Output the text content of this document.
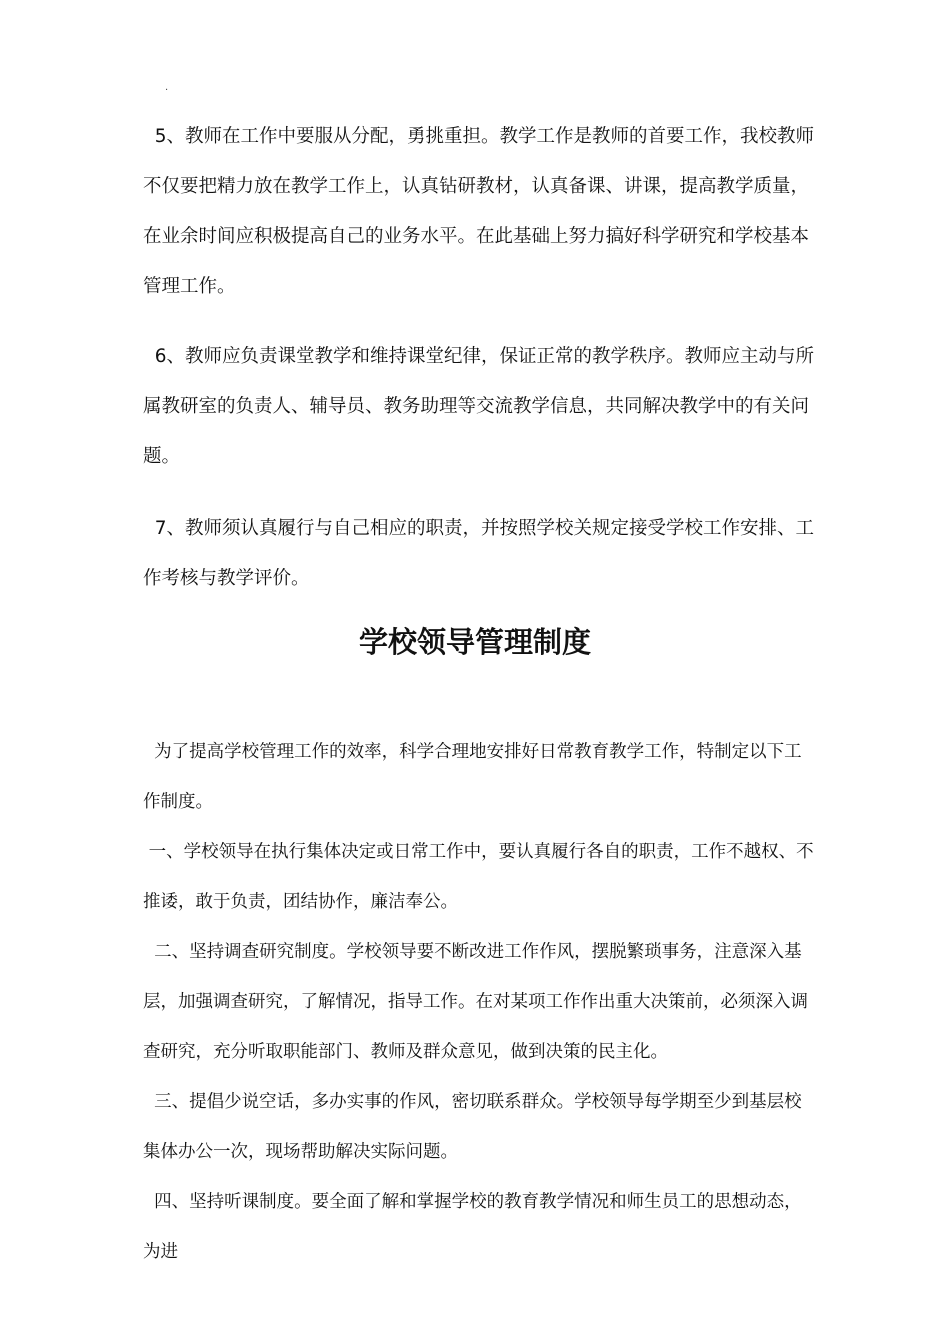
·

5、教师在工作中要服从分配，勇挑重担。教学工作是教师的首要工作，我校教师不仅要把精力放在教学工作上，认真钻研教材，认真备课、讲课，提高教学质量，在业余时间应积极提高自己的业务水平。在此基础上努力搞好科学研究和学校基本管理工作。

6、教师应负责课堂教学和维持课堂纪律，保证正常的教学秩序。教师应主动与所属教研室的负责人、辅导员、教务助理等交流教学信息，共同解决教学中的有关问题。

7、教师须认真履行与自己相应的职责，并按照学校关规定接受学校工作安排、工作考核与教学评价。

学校领导管理制度

为了提高学校管理工作的效率，科学合理地安排好日常教育教学工作，特制定以下工作制度。

一、学校领导在执行集体决定或日常工作中，要认真履行各自的职责，工作不越权、不推诿，敢于负责，团结协作，廉洁奉公。

二、坚持调查研究制度。学校领导要不断改进工作作风，摆脱繁琐事务，注意深入基层，加强调查研究，了解情况，指导工作。在对某项工作作出重大决策前，必须深入调查研究，充分听取职能部门、教师及群众意见，做到决策的民主化。

三、提倡少说空话，多办实事的作风，密切联系群众。学校领导每学期至少到基层校集体办公一次，现场帮助解决实际问题。

四、坚持听课制度。要全面了解和掌握学校的教育教学情况和师生员工的思想动态，为进
